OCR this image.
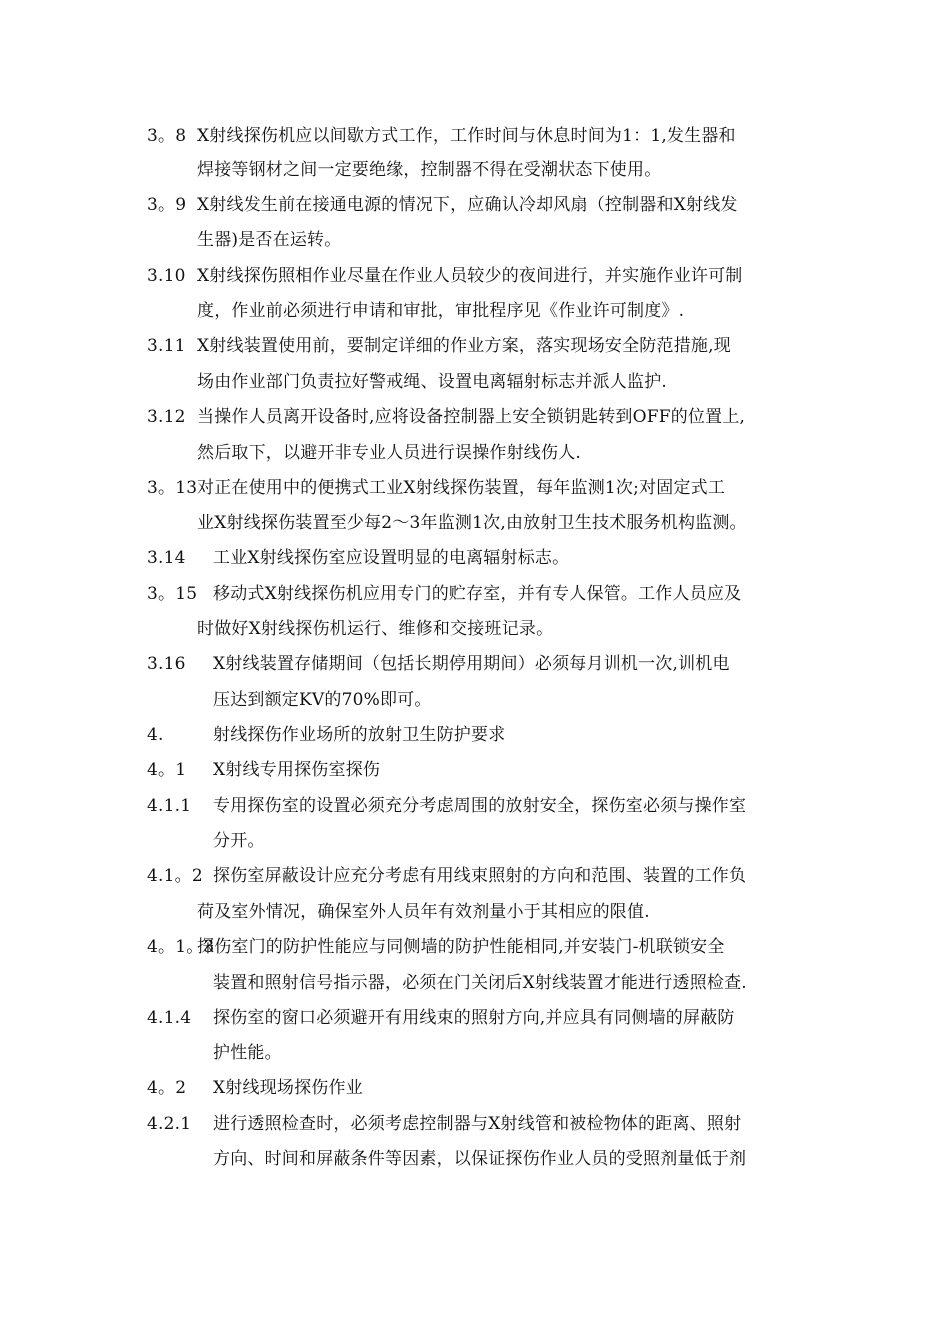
3。8 X射线探伤机应以间歇方式工作，工作时间与休息时间为1：1,发生器和
焊接等钢材之间一定要绝缘，控制器不得在受潮状态下使用。
3。9 X射线发生前在接通电源的情况下，应确认冷却风扇（控制器和X射线发
生器)是否在运转。
3.10 X射线探伤照相作业尽量在作业人员较少的夜间进行，并实施作业许可制
度，作业前必须进行申请和审批，审批程序见《作业许可制度》.
3.11 X射线装置使用前，要制定详细的作业方案，落实现场安全防范措施,现
场由作业部门负责拉好警戒绳、设置电离辐射标志并派人监护.
3.12 当操作人员离开设备时,应将设备控制器上安全锁钥匙转到OFF的位置上,
然后取下，以避开非专业人员进行误操作射线伤人.
3。13 对正在使用中的便携式工业X射线探伤装置，每年监测1次;对固定式工
业X射线探伤装置至少每2～3年监测1次,由放射卫生技术服务机构监测。
3.14 工业X射线探伤室应设置明显的电离辐射标志。
3。15 移动式X射线探伤机应用专门的贮存室，并有专人保管。工作人员应及
时做好X射线探伤机运行、维修和交接班记录。
3.16 X射线装置存储期间（包括长期停用期间）必须每月训机一次,训机电
压达到额定KV的70%即可。
4.	射线探伤作业场所的放射卫生防护要求
4。1 X射线专用探伤室探伤
4.1.1 专用探伤室的设置必须充分考虑周围的放射安全，探伤室必须与操作室
分开。
4.1。2 探伤室屏蔽设计应充分考虑有用线束照射的方向和范围、装置的工作负
荷及室外情况，确保室外人员年有效剂量小于其相应的限值.
4。1。3
探伤室门的防护性能应与同侧墙的防护性能相同,并安装门-机联锁安全
装置和照射信号指示器，必须在门关闭后X射线装置才能进行透照检查.
4.1.4 探伤室的窗口必须避开有用线束的照射方向,并应具有同侧墙的屏蔽防
护性能。
4。2 X射线现场探伤作业
4.2.1 进行透照检查时，必须考虑控制器与X射线管和被检物体的距离、照射
方向、时间和屏蔽条件等因素，以保证探伤作业人员的受照剂量低于剂
